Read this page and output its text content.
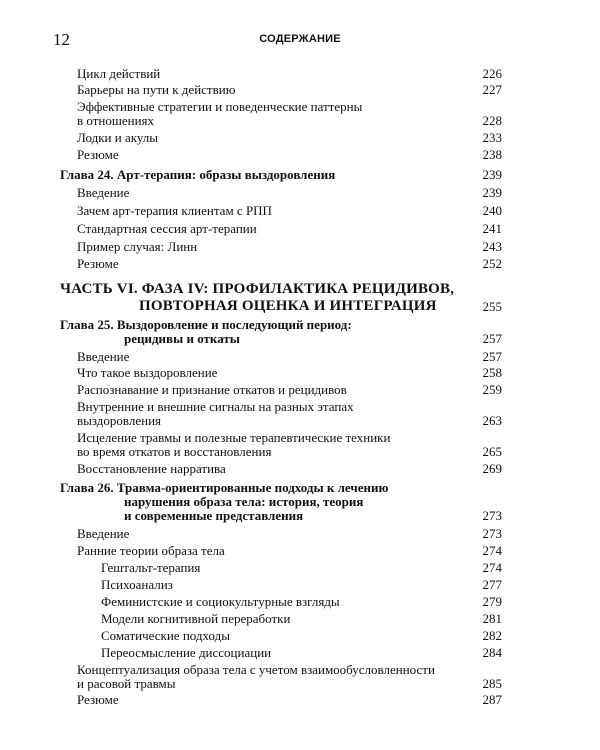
12	СОДЕРЖАНИЕ
Цикл действий	226
Барьеры на пути к действию	227
Эффективные стратегии и поведенческие паттерны
в отношениях	228
Лодки и акулы	233
Резюме	238
Глава 24. Арт-терапия: образы выздоровления	239
Введение	239
Зачем арт-терапия клиентам с РПП	240
Стандартная сессия арт-терапии	241
Пример случая: Линн	243
Резюме	252
ЧАСТЬ VI. ФАЗА IV: ПРОФИЛАКТИКА РЕЦИДИВОВ,
ПОВТОРНАЯ ОЦЕНКА И ИНТЕГРАЦИЯ	255
Глава 25. Выздоровление и последующий период:
рецидивы и откаты	257
Введение	257
Что такое выздоровление	258
Распознавание и признание откатов и рецидивов	259
Внутренние и внешние сигналы на разных этапах
выздоровления	263
Исцеление травмы и полезные терапевтические техники
во время откатов и восстановления	265
Восстановление нарратива	269
Глава 26. Травма-ориентированные подходы к лечению
нарушения образа тела: история, теория
и современные представления	273
Введение	273
Ранние теории образа тела	274
Гештальт-терапия	274
Психоанализ	277
Феминистские и социокультурные взгляды	279
Модели когнитивной переработки	281
Соматические подходы	282
Переосмысление диссоциации	284
Концептуализация образа тела с учетом взаимообусловленности
и расовой травмы	285
Резюме	287
